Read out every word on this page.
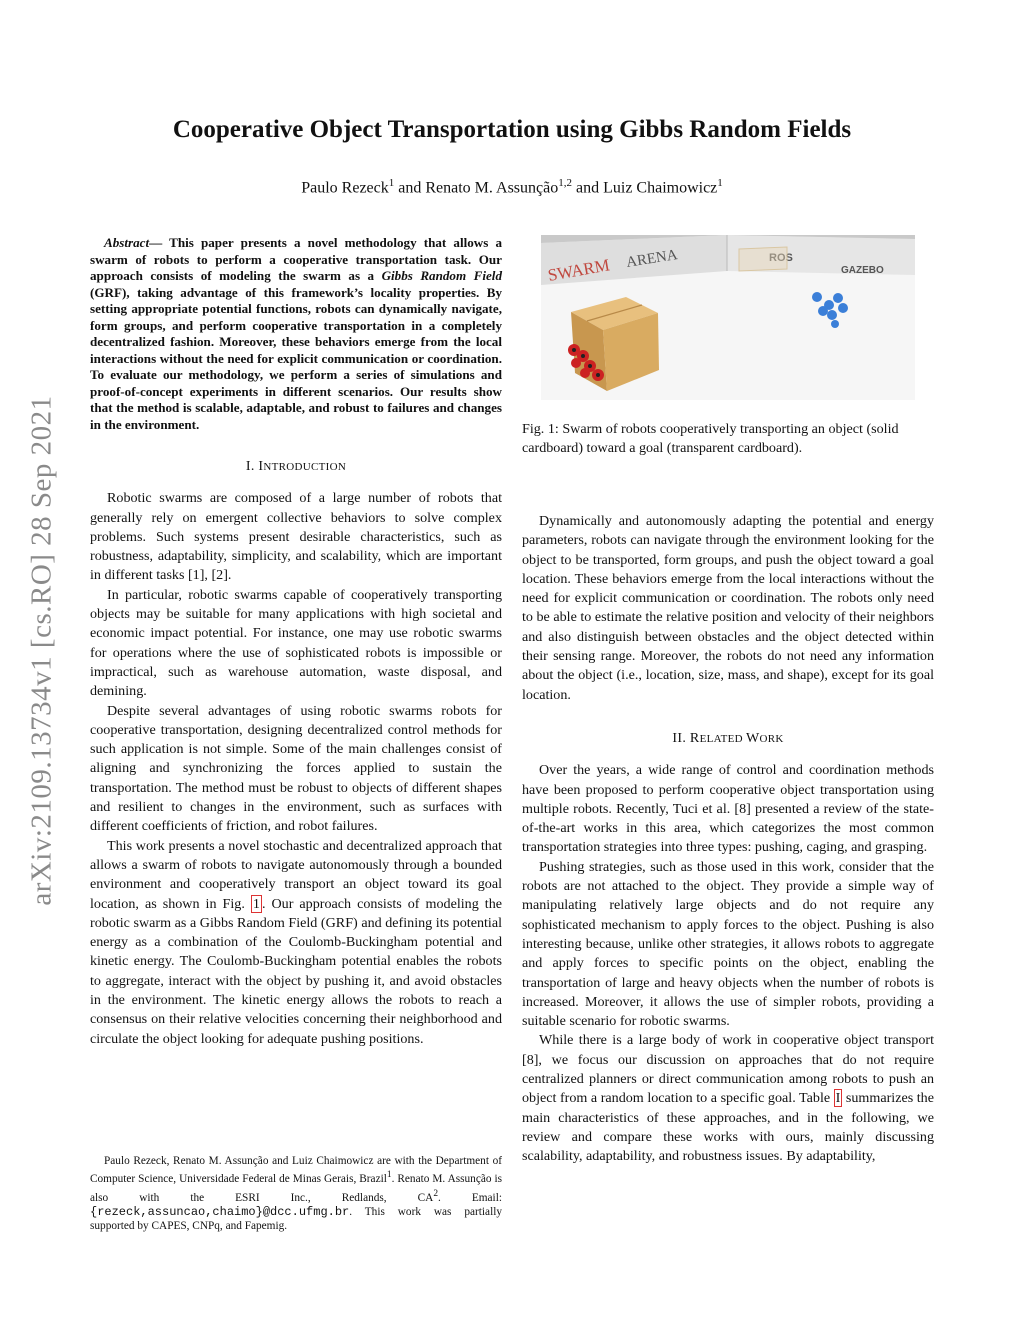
arXiv:2109.13734v1 [cs.RO] 28 Sep 2021
Cooperative Object Transportation using Gibbs Random Fields
Paulo Rezeck$^1$ and Renato M. Assunção$^{1,2}$ and Luiz Chaimowicz$^1$

Abstract— This paper presents a novel methodology that allows a swarm of robots to perform a cooperative transportation task. Our approach consists of modeling the swarm as a Gibbs Random Field (GRF), taking advantage of this framework’s locality properties. By setting appropriate potential functions, robots can dynamically navigate, form groups, and perform cooperative transportation in a completely decentralized fashion. Moreover, these behaviors emerge from the local interactions without the need for explicit communication or coordination. To evaluate our methodology, we perform a series of simulations and proof-of-concept experiments in different scenarios. Our results show that the method is scalable, adaptable, and robust to failures and changes in the environment.

I. INTRODUCTION

Robotic swarms are composed of a large number of robots that generally rely on emergent collective behaviors to solve complex problems. Such systems present desirable characteristics, such as robustness, adaptability, simplicity, and scalability, which are important in different tasks [1], [2].

In particular, robotic swarms capable of cooperatively transporting objects may be suitable for many applications with high societal and economic impact potential. For instance, one may use robotic swarms for operations where the use of sophisticated robots is impossible or impractical, such as warehouse automation, waste disposal, and demining.

Despite several advantages of using robotic swarms robots for cooperative transportation, designing decentralized control methods for such application is not simple. Some of the main challenges consist of aligning and synchronizing the forces applied to sustain the transportation. The method must be robust to objects of different shapes and resilient to changes in the environment, such as surfaces with different coefficients of friction, and robot failures.

This work presents a novel stochastic and decentralized approach that allows a swarm of robots to navigate autonomously through a bounded environment and cooperatively transport an object toward its goal location, as shown in Fig. 1 . Our approach consists of modeling the robotic swarm as a Gibbs Random Field (GRF) and defining its potential energy as a combination of the Coulomb-Buckingham potential and kinetic energy. The Coulomb-Buckingham potential enables the robots to aggregate, interact with the object by pushing it, and avoid obstacles in the environment. The kinetic energy allows the robots to reach a consensus on their relative velocities concerning their neighborhood and circulate the object looking for adequate pushing positions.

Paulo Rezeck, Renato M. Assunção and Luiz Chaimowicz are with the Department of Computer Science, Universidade Federal de Minas Gerais, Brazil$^1$. Renato M. Assunção is also with the ESRI Inc., Redlands, $CA^2$. Email: {rezeck,assuncao,chaimo}@dcc.ufmg.br. This work was partially supported by CAPES, CNPq, and Fapemig.
SWARM ARENA	ROS
GAZEBO
Fig. 1: Swarm of robots cooperatively transporting an object (solid cardboard) toward a goal (transparent cardboard).

Dynamically and autonomously adapting the potential and energy parameters, robots can navigate through the environment looking for the object to be transported, form groups, and push the object toward a goal location. These behaviors emerge from the local interactions without the need for explicit communication or coordination. The robots only need to be able to estimate the relative position and velocity of their neighbors and also distinguish between obstacles and the object detected within their sensing range. Moreover, the robots do not need any information about the object (i.e., location, size, mass, and shape), except for its goal location.

II. RELATED WORK

Over the years, a wide range of control and coordination methods have been proposed to perform cooperative object transportation using multiple robots. Recently, Tuci et al. [8] presented a review of the state-of-the-art works in this area, which categorizes the most common transportation strategies into three types: pushing, caging, and grasping.

Pushing strategies, such as those used in this work, consider that the robots are not attached to the object. They provide a simple way of manipulating relatively large objects and do not require any sophisticated mechanism to apply forces to the object. Pushing is also interesting because, unlike other strategies, it allows robots to aggregate and apply forces to specific points on the object, enabling the transportation of large and heavy objects when the number of robots is increased. Moreover, it allows the use of simpler robots, providing a suitable scenario for robotic swarms.

While there is a large body of work in cooperative object transport [8], we focus our discussion on approaches that do not require centralized planners or direct communication among robots to push an object from a random location to a specific goal. Table I summarizes the main characteristics of these approaches, and in the following, we review and compare these works with ours, mainly discussing scalability, adaptability, and robustness issues. By adaptability,
